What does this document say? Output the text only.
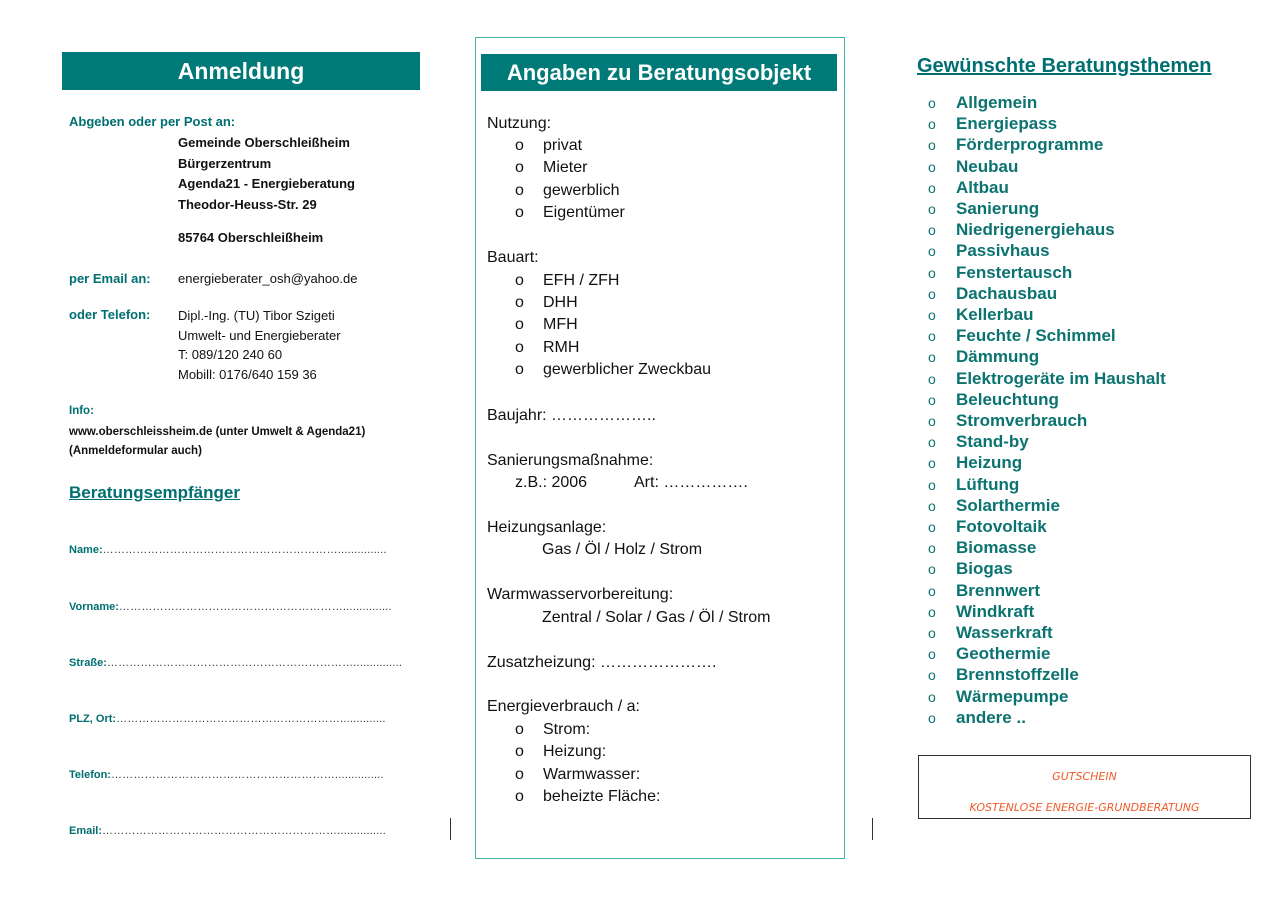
Anmeldung
Abgeben oder per Post an:
Gemeinde Oberschleißheim
Bürgerzentrum
Agenda21 - Energieberatung
Theodor-Heuss-Str. 29
85764 Oberschleißheim
per Email an: energieberater_osh@yahoo.de
oder Telefon: Dipl.-Ing. (TU) Tibor Szigeti
Umwelt- und Energieberater
T: 089/120 240 60
Mobill: 0176/640 159 36
Info:
www.oberschleissheim.de (unter Umwelt & Agenda21)
(Anmeldeformular auch)
Beratungsempfänger
Name:………………………………………………………...............
Vorname:……………………………………………………...............
Straße:…………………………………………………………...............
PLZ, Ort:……………………………………………………..............
Telefon:……………………………………………………...............
Email:………………………………………………………...............
Angaben zu Beratungsobjekt
Nutzung:
o privat
o Mieter
o gewerblich
o Eigentümer
Bauart:
o EFH / ZFH
o DHH
o MFH
o RMH
o gewerblicher Zweckbau
Baujahr: ………………..
Sanierungsmaßnahme:
z.B.: 2006	Art: …………….
Heizungsanlage:
Gas / Öl / Holz / Strom
Warmwasservorbereitung:
Zentral / Solar / Gas / Öl / Strom
Zusatzheizung: ………………….
Energieverbrauch / a:
o Strom:
o Heizung:
o Warmwasser:
o beheizte Fläche:
Gewünschte Beratungsthemen
o Allgemein
o Energiepass
o Förderprogramme
o Neubau
o Altbau
o Sanierung
o Niedrigenergiehaus
o Passivhaus
o Fenstertausch
o Dachausbau
o Kellerbau
o Feuchte / Schimmel
o Dämmung
o Elektrogeräte im Haushalt
o Beleuchtung
o Stromverbrauch
o Stand-by
o Heizung
o Lüftung
o Solarthermie
o Fotovoltaik
o Biomasse
o Biogas
o Brennwert
o Windkraft
o Wasserkraft
o Geothermie
o Brennstoffzelle
o Wärmepumpe
o andere ..
GUTSCHEIN
KOSTENLOSE ENERGIE-GRUNDBERATUNG
